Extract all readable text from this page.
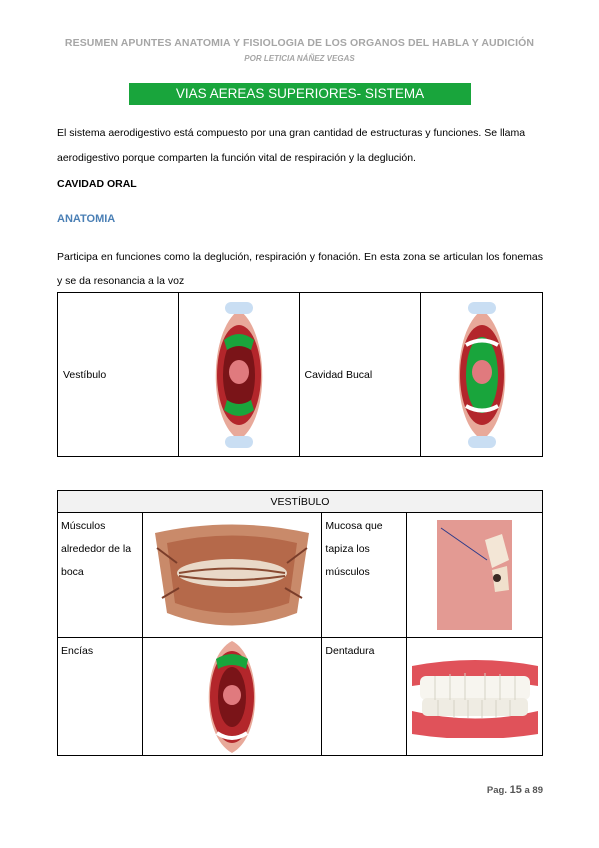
RESUMEN APUNTES ANATOMIA Y FISIOLOGIA DE LOS ORGANOS DEL HABLA Y AUDICIÓN
POR LETICIA NÁÑEZ VEGAS
VIAS AEREAS SUPERIORES- SISTEMA AERODIGESTIVO
El sistema aerodigestivo está compuesto por una gran cantidad de estructuras y funciones. Se llama aerodigestivo porque comparten la función vital de respiración y la deglución.
CAVIDAD ORAL
ANATOMIA
Participa en funciones como la deglución, respiración y fonación. En esta zona se articulan los fonemas y se da resonancia a la voz
Vestíbulo		Cavidad Bucal	
VESTÍBULO			
Músculos alrededor de la boca		Mucosa que tapiza los músculos	

Encías		Dentadura	
Pag. 15 a 89
